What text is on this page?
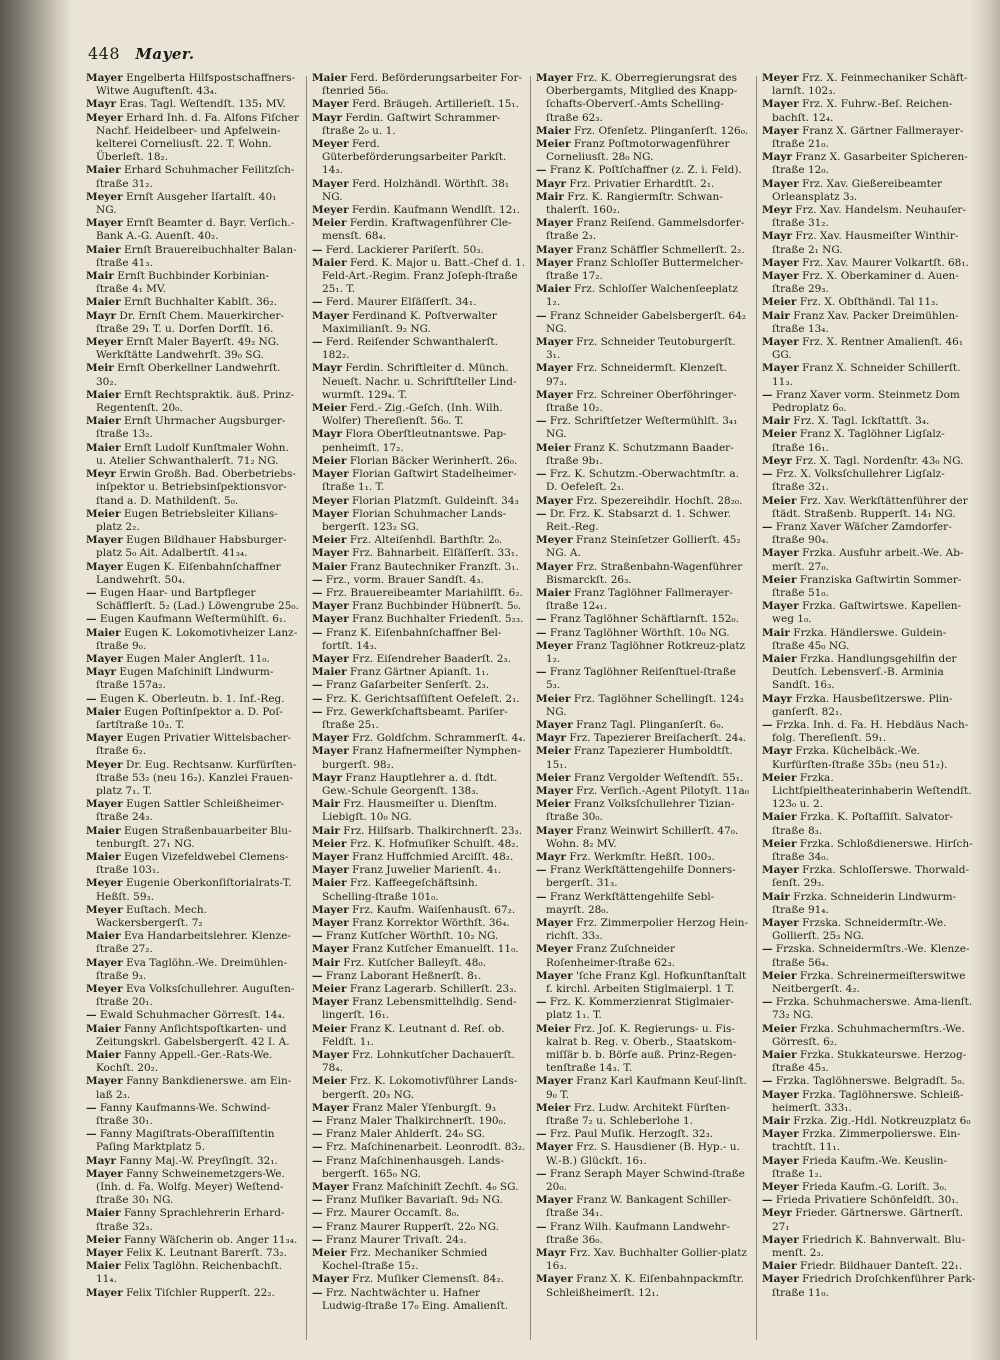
448 Mayer.

Mayer Engelberta Hilfspostschaffners-Witwe Auguftenſt. 43₄.

Mayr Eras. Tagl. Weſtendſt. 135₁ MV.

Meyer Erhard Inh. d. Fa. Alfons Fiſcher Nachf. Heidelbeer- und Apfelwein-kelterei Corneliusſt. 22. T. Wohn. Überleſt. 18₂.

Maier Erhard Schuhmacher Feilitzſch-ſtraße 31₂.

Meyer Ernſt Ausgeher Iſartalſt. 40₁ NG.

Mayer Ernſt Beamter d. Bayr. Verſich.-Bank A.-G. Auenſt. 40₂.

Maier Ernſt Brauereibuchhalter Balan-ſtraße 41₃.

Mair Ernſt Buchbinder Korbinian-ſtraße 4₁ MV.

Maier Ernſt Buchhalter Kablſt. 36₂.

Mayr Dr. Ernſt Chem. Mauerkircher-ſtraße 29₁ T. u. Dorfen Dorfſt. 16.

Meyer Ernſt Maler Bayerſt. 49₂ NG. Werkſtätte Landwehrſt. 39₀ SG.

Meir Ernſt Oberkellner Landwehrſt. 30₂.

Maier Ernſt Rechtspraktik. äuß. Prinz-Regentenſt. 20₀.

Maier Ernſt Uhrmacher Augsburger-ſtraße 13₂.

Maier Ernſt Ludolf Kunſtmaler Wohn. u. Atelier Schwanthalerſt. 71₂ NG.

Meyr Erwin Großh. Bad. Oberbetriebs-inſpektor u. Betriebsinſpektionsvor-ſtand a. D. Mathildenſt. 5₀.

Meier Eugen Betriebsleiter Kilians-platz 2₂.

Mayer Eugen Bildhauer Habsburger-platz 5₀ Ait. Adalbertſt. 41₃₄.

Mayer Eugen K. Eiſenbahnſchaffner Landwehrſt. 50₄.

— Eugen Haar- und Bartpfleger Schäfflerſt. 5₂ (Lad.) Löwengrube 25₀.

— Eugen Kaufmann Weſtermühlſt. 6₁.

Maier Eugen K. Lokomotivheizer Lanz-ſtraße 9₀.

Mayer Eugen Maler Anglerſt. 11₀.

Mayr Eugen Maſchiniſt Lindwurm-ſtraße 157a₂.

— Eugen K. Oberleutn. b. 1. Inf.-Reg.

Maier Eugen Poſtinſpektor a. D. Poſ-ſartſtraße 10₃. T.

Mayer Eugen Privatier Wittelsbacher-ſtraße 6₂.

Meyer Dr. Eug. Rechtsanw. Kurfürſten-ſtraße 53₂ (neu 16₂). Kanzlei Frauen-platz 7₁. T.

Mayer Eugen Sattler Schleißheimer-ſtraße 24₃.

Maier Eugen Straßenbauarbeiter Blu-tenburgſt. 27₁ NG.

Maier Eugen Vizefeldwebel Clemens-ſtraße 103₁.

Meyer Eugenie Oberkonſiſtorialrats-T. Heßſt. 59₃.

Meyer Euſtach. Mech. Wackersbergerſt. 7₂

Maier Eva Handarbeitslehrer. Klenze-ſtraße 27₂.

Mayer Eva Taglöhn.-We. Dreimühlen-ſtraße 9₃.

Meyer Eva Volksſchullehrer. Auguſten-ſtraße 20₁.

— Ewald Schuhmacher Görresſt. 14₄.

Maier Fanny Anſichtspoſtkarten- und Zeitungskrl. Gabelsbergerſt. 42 I. A.

Maier Fanny Appell.-Ger.-Rats-We. Kochſt. 20₂.

Mayer Fanny Bankdienerswe. am Ein-laß 2₃.

— Fanny Kaufmanns-We. Schwind-ſtraße 30₁.

— Fanny Magiſtrats-Oberaſſiſtentin Paſing Marktplatz 5.

Mayr Fanny Maj.-W. Preyſingſt. 32₁.

Mayer Fanny Schweinemetzgers-We. (Inh. d. Fa. Wolfg. Meyer) Weſtend-ſtraße 30₁ NG.

Maier Fanny Sprachlehrerin Erhard-ſtraße 32₃.

Meier Fanny Wäſcherin ob. Anger 11₃₄.

Mayer Felix K. Leutnant Barerſt. 73₂.

Maier Felix Taglöhn. Reichenbachſt. 11₄.

Mayer Felix Tiſchler Rupperſt. 22₂.

Maier Ferd. Beförderungsarbeiter For-ſtenried 56₀.

Mayer Ferd. Bräugeh. Artillerieſt. 15₁.

Mayr Ferdin. Gaſtwirt Schrammer-ſtraße 2₀ u. 1.

Meyer Ferd. Güterbeförderungsarbeiter Parkſt. 14₃.

Mayer Ferd. Holzhändl. Wörthſt. 38₁ NG.

Meyer Ferdin. Kaufmann Wendlſt. 12₁.

Meier Ferdin. Kraftwagenführer Cle-mensſt. 68₄.

— Ferd. Lackierer Pariſerſt. 50₃.

Maier Ferd. K. Major u. Batt.-Chef d. 1. Feld-Art.-Regim. Franz Joſeph-ſtraße 25₁. T.

— Ferd. Maurer Elſäſſerſt. 34₁.

Mayer Ferdinand K. Poſtverwalter Maximilianſt. 9₂ NG.

— Ferd. Reiſender Schwanthalerſt. 182₂.

Mayr Ferdin. Schriftleiter d. Münch. Neueſt. Nachr. u. Schriftſteller Lind-wurmſt. 129₄. T.

Meier Ferd.- Zig.-Geſch. (Inh. Wilh. Wolfer) Thereſienſt. 56₀. T.

Mayr Flora Oberſtleutnantswe. Pap-penheimſt. 17₂.

Meier Florian Bäcker Werinherſt. 26₀.

Mayer Florian Gaſtwirt Stadelheimer-ſtraße 1₁. T.

Meyer Florian Platzmſt. Guldeinſt. 34₃

Mayer Florian Schuhmacher Lands-bergerſt. 123₂ SG.

Meier Frz. Alteiſenhdl. Barthſtr. 2₀.

Mayer Frz. Bahnarbeit. Elſäſſerſt. 33₁.

Maier Franz Bautechniker Franzſt. 3₁.

— Frz., vorm. Brauer Sandſt. 4₃.

— Frz. Brauereibeamter Mariahilfſt. 6₂.

Mayer Franz Buchbinder Hübnerſt. 5₀.

Mayer Franz Buchhalter Friedenſt. 5₂₃.

— Franz K. Eiſenbahnſchaffner Bel-fortſt. 14₃.

Mayer Frz. Eiſendreher Baaderſt. 2₃.

Maier Franz Gärtner Apianſt. 1₁.

— Franz Gaſarbeiter Senſerſt. 2₃.

— Frz. K. Gerichtsaſſiſtent Oefeleſt. 2₁.

— Frz. Gewerkſchaftsbeamt. Pariſer-ſtraße 25₁.

Mayer Frz. Goldſchm. Schrammerſt. 4₄.

Mayer Franz Hafnermeiſter Nymphen-burgerſt. 98₂.

Mayr Franz Hauptlehrer a. d. ſtdt. Gew.-Schule Georgenſt. 138₃.

Mair Frz. Hausmeiſter u. Dienſtm. Liebigſt. 10₀ NG.

Mair Frz. Hilfsarb. Thalkirchnerſt. 23₃.

Meier Frz. K. Hofmuſiker Schulſt. 48₂.

Mayer Franz Huffchmied Arciſſt. 48₂.

Mayer Franz Juwelier Marienſt. 4₁.

Maier Frz. Kaffeegeſchäftsinh. Schelling-ſtraße 101₀.

Mayer Frz. Kaufm. Waiſenhausſt. 67₂.

Mayer Franz Korrektor Wörthſt. 36₄.

— Franz Kutſcher Wörthſt. 10₂ NG.

Mayer Franz Kutſcher Emanuelſt. 11₀.

Mair Frz. Kutſcher Balleyſt. 48₀.

— Franz Laborant Heßnerſt. 8₁.

Meier Franz Lagerarb. Schillerſt. 23₃.

Mayer Franz Lebensmittelhdlg. Send-lingerſt. 16₁.

Meier Franz K. Leutnant d. Reſ. ob. Feldſt. 1₁.

Mayer Frz. Lohnkutſcher Dachauerſt. 78₄.

Meier Frz. K. Lokomotivführer Lands-bergerſt. 20₃ NG.

Mayer Franz Maler Yſenburgſt. 9₃

— Franz Maler Thalkirchnerſt. 190₀.

— Franz Maler Ahlderſt. 24₀ SG.

— Frz. Maſchinenarbeit. Leonrodſt. 83₂.

— Franz Maſchinenhausgeh. Lands-bergerſt. 165₀ NG.

Mayer Franz Maſchiniſt Zechſt. 4₀ SG.

— Franz Muſiker Bavariaſt. 9d₂ NG.

— Frz. Maurer Occamſt. 8₀.

— Franz Maurer Rupperſt. 22₀ NG.

— Franz Maurer Trivaſt. 24₃.

Meier Frz. Mechaniker Schmied Kochel-ſtraße 15₂.

Mayer Frz. Muſiker Clemensſt. 84₂.

— Frz. Nachtwächter u. Hafner Ludwig-ſtraße 17₀ Eing. Amalienſt.

Mayer Frz. K. Oberregierungsrat des Oberbergamts, Mitglied des Knapp-ſchafts-Oberverſ.-Amts Schelling-ſtraße 62₃.

Maier Frz. Ofenſetz. Plinganſerſt. 126₀.

Meier Franz Poſtmotorwagenführer Corneliusſt. 28₀ NG.

— Franz K. Poſtſchaffner (z. Z. i. Feld).

Mayr Frz. Privatier Erhardtſt. 2₁.

Mair Frz. K. Rangiermſtr. Schwan-thalerſt. 160₂.

Mayer Franz Reiſend. Gammelsdorfer-ſtraße 2₃.

Mayer Franz Schäffler Schmellerſt. 2₂.

Mayer Franz Schloſſer Buttermelcher-ſtraße 17₂.

Maier Frz. Schloſſer Walchenſeeplatz 1₂.

— Franz Schneider Gabelsbergerſt. 64₂ NG.

Mayer Frz. Schneider Teutoburgerſt. 3₁.

Mayer Frz. Schneidermſt. Klenzeſt. 97₃.

Mayer Frz. Schreiner Oberföhringer-ſtraße 10₂.

— Frz. Schriftſetzer Weſtermühlſt. 3₄₁ NG.

Meier Franz K. Schutzmann Baader-ſtraße 9b₁.

— Frz. K. Schutzm.-Oberwachtmſtr. a. D. Oefeleſt. 2₃.

Mayer Frz. Spezereihdlr. Hochſt. 28₂₀.

— Dr. Frz. K. Stabsarzt d. 1. Schwer. Reit.-Reg.

Meyer Franz Steinſetzer Gollierſt. 45₂ NG. A.

Mayer Frz. Straßenbahn-Wagenführer Bismarckſt. 26₃.

Maier Franz Taglöhner Fallmerayer-ſtraße 12₄₁.

— Franz Taglöhner Schäftlarnſt. 152₀.

— Franz Taglöhner Wörthſt. 10₀ NG.

Meyer Franz Taglöhner Rotkreuz-platz 1₂.

— Franz Taglöhner Reiſenſtuel-ſtraße 5₃.

Meier Frz. Taglöhner Schellingſt. 124₂ NG.

Mayer Franz Tagl. Plinganſerſt. 6₀.

Mayr Frz. Tapezierer Breiſacherſt. 24₄.

Meier Franz Tapezierer Humboldtſt. 15₁.

Meier Franz Vergolder Weſtendſt. 55₁.

Mayer Frz. Verſich.-Agent Pilotyſt. 11a₀

Meier Franz Volksſchullehrer Tizian-ſtraße 30₀.

Mayer Franz Weinwirt Schillerſt. 47₀. Wohn. 8₂ MV.

Mayr Frz. Werkmſtr. Heßſt. 100₃.

— Franz Werkſtättengehilfe Donners-bergerſt. 31₃.

— Franz Werkſtättengehilfe Sebl-mayrſt. 28₀.

Mayer Frz. Zimmerpolier Herzog Hein-richſt. 33₃.

Meyer Franz Zuſchneider Roſenheimer-ſtraße 62₃.

Mayer 'ſche Franz Kgl. Hofkunſtanſtalt f. kirchl. Arbeiten Stiglmaierpl. 1 T.

— Frz. K. Kommerzienrat Stiglmaier-platz 1₁. T.

Meier Frz. Joſ. K. Regierungs- u. Fis-kalrat b. Reg. v. Oberb., Staatskom-miſſär b. b. Börſe auß. Prinz-Regen-tenſtraße 14₃. T.

Mayer Franz Karl Kaufmann Keuſ-linſt. 9₀ T.

Meier Frz. Ludw. Architekt Fürſten-ſtraße 7₂ u. Schleberlohe 1.

— Frz. Paul Muſik. Herzogſt. 32₃.

Mayer Frz. S. Hausdiener (B. Hyp.- u. W.-B.) Glückſt. 16₁.

— Franz Seraph Mayer Schwind-ſtraße 20₀.

Mayer Franz W. Bankagent Schiller-ſtraße 34₁.

— Franz Wilh. Kaufmann Landwehr-ſtraße 36₀.

Mayr Frz. Xav. Buchhalter Gollier-platz 16₃.

Mayer Franz X. K. Eiſenbahnpackmſtr. Schleißheimerſt. 12₁.

Meyer Frz. X. Feinmechaniker Schäft-larnſt. 102₃.

Mayer Frz. X. Fuhrw.-Beſ. Reichen-bachſt. 12₄.

Mayer Franz X. Gärtner Fallmerayer-ſtraße 21₀.

Mayr Franz X. Gasarbeiter Spicheren-ſtraße 12₀.

Mayer Frz. Xav. Gießereibeamter Orleansplatz 3₃.

Meyr Frz. Xav. Handelsm. Neuhauſer-ſtraße 31₂.

Mayr Frz. Xav. Hausmeiſter Winthir-ſtraße 2₁ NG.

Mayer Frz. Xav. Maurer Volkartſt. 68₁.

Mayer Frz. X. Oberkaminer d. Auen-ſtraße 29₃.

Meier Frz. X. Obſthändl. Tal 11₃.

Mair Franz Xav. Packer Dreimühlen-ſtraße 13₄.

Mayer Frz. X. Rentner Amalienſt. 46₁ GG.

Mayer Franz X. Schneider Schillerſt. 11₃.

— Franz Xaver vorm. Steinmetz Dom Pedroplatz 6₀.

Mair Frz. X. Tagl. Ickſtattſt. 3₄.

Meier Franz X. Taglöhner Ligſalz-ſtraße 16₁.

Meyr Frz. X. Tagl. Nordenſtr. 43₀ NG.

— Frz. X. Volksſchullehrer Ligſalz-ſtraße 32₁.

Meier Frz. Xav. Werkſtättenführer der ſtädt. Straßenb. Rupperſt. 14₁ NG.

— Franz Xaver Wäſcher Zamdorfer-ſtraße 90₄.

Mayer Frzka. Ausfuhr arbeit.-We. Ab-merſt. 27₀.

Meier Franziska Gaſtwirtin Sommer-ſtraße 51₀.

Mayer Frzka. Gaſtwirtswe. Kapellen-weg 1₀.

Mair Frzka. Händlerswe. Guldein-ſtraße 45₀ NG.

Maier Frzka. Handlungsgehilfin der Deutſch. Lebensverſ.-B. Arminia Sandſt. 16₃.

Mayr Frzka. Hausbeſitzerswe. Plin-ganſerſt. 82₁.

— Frzka. Inh. d. Fa. H. Hebdäus Nach-folg. Thereſienſt. 59₁.

Mayr Frzka. Küchelbäck.-We. Kurfürſten-ſtraße 35b₂ (neu 51₂).

Meier Frzka. Lichtſpieltheaterinhaberin Weſtendſt. 123₀ u. 2.

Maier Frzka. K. Poſtaſſiſt. Salvator-ſtraße 8₃.

Meier Frzka. Schloßdienerswe. Hirſch-ſtraße 34₀.

Mayer Frzka. Schloſſerswe. Thorwald-ſenſt. 29₃.

Mair Frzka. Schneiderin Lindwurm-ſtraße 91₄.

Mayer Frzska. Schneidermſtr.-We. Gollierſt. 25₃ NG.

— Frzska. Schneidermſtrs.-We. Klenze-ſtraße 56₄.

Meier Frzka. Schreinermeiſterswitwe Neitbergerſt. 4₂.

— Frzka. Schuhmacherswe. Ama-lienſt. 73₂ NG.

Meier Frzka. Schuhmachermſtrs.-We. Görresſt. 6₂.

Maier Frzka. Stukkateurswe. Herzog-ſtraße 45₃.

— Frzka. Taglöhnerswe. Belgradſt. 5₀.

Mayer Frzka. Taglöhnerswe. Schleiß-heimerſt. 333₁.

Mair Frzka. Zig.-Hdl. Notkreuzplatz 6₀

Mayer Frzka. Zimmerpolierswe. Ein-trachtſt. 11₁.

Mayer Frieda Kaufm.-We. Keuslin-ſtraße 1₂.

Meyer Frieda Kaufm.-G. Loriſt. 3₀.

— Frieda Privatiere Schönfeldſt. 30₁.

Meyr Frieder. Gärtnerswe. Gärtnerſt. 27₁

Mayer Friedrich K. Bahnverwalt. Blu-menſt. 2₃.

Maier Friedr. Bildhauer Danteſt. 22₁.

Mayer Friedrich Droſchkenführer Park-ſtraße 11₀.
